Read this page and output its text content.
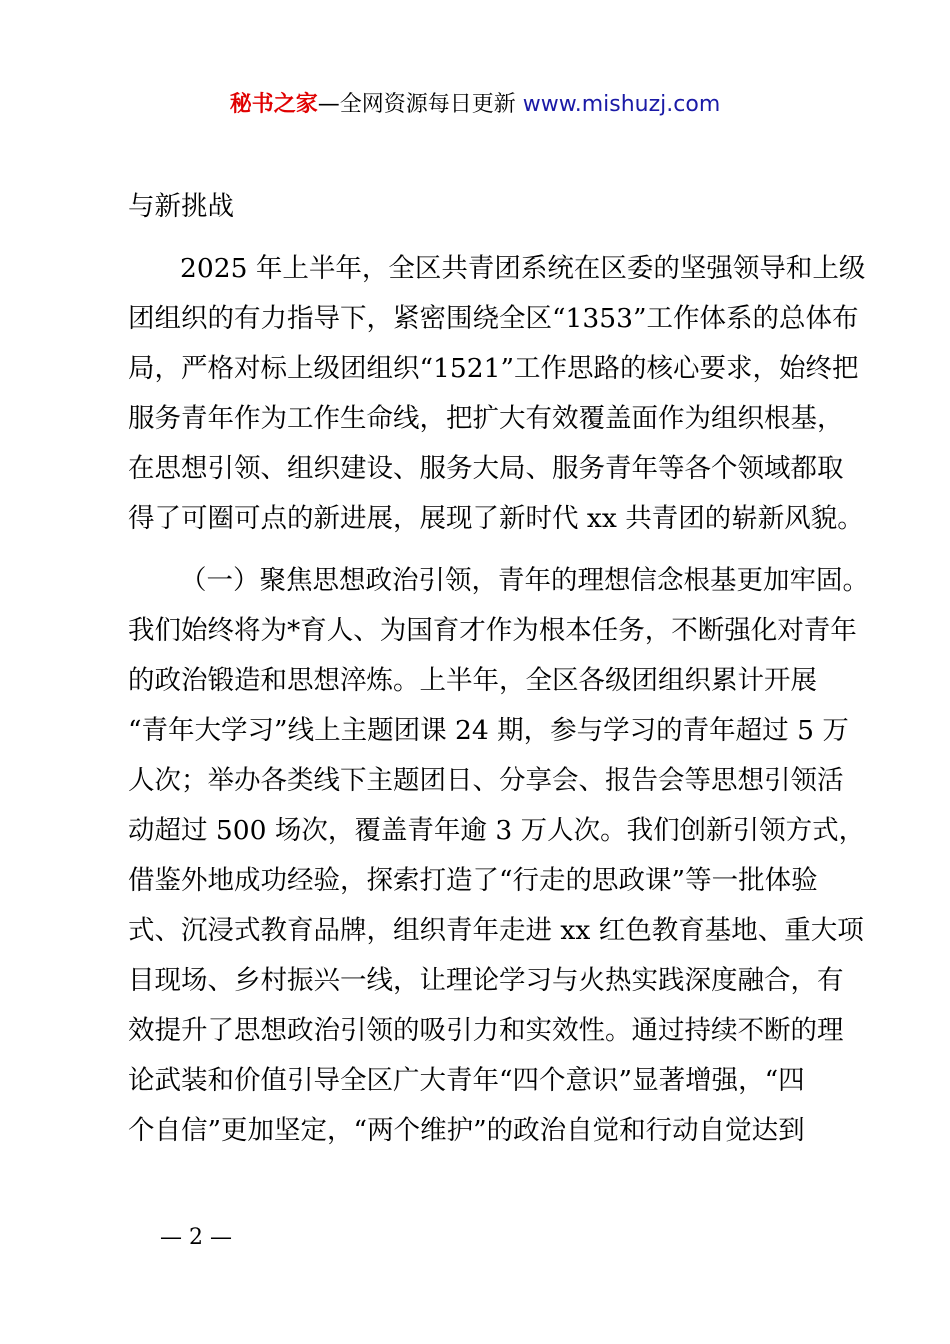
秘书之家—全网资源每日更新 www.mishuzj.com
与新挑战
2025 年上半年，全区共青团系统在区委的坚强领导和上级
团组织的有力指导下，紧密围绕全区“1353”工作体系的总体布
局，严格对标上级团组织“1521”工作思路的核心要求，始终把
服务青年作为工作生命线，把扩大有效覆盖面作为组织根基，
在思想引领、组织建设、服务大局、服务青年等各个领域都取
得了可圈可点的新进展，展现了新时代 xx 共青团的崭新风貌。
（一）聚焦思想政治引领，青年的理想信念根基更加牢固。
我们始终将为*育人、为国育才作为根本任务，不断强化对青年
的政治锻造和思想淬炼。上半年，全区各级团组织累计开展
“青年大学习”线上主题团课 24 期，参与学习的青年超过 5 万
人次；举办各类线下主题团日、分享会、报告会等思想引领活
动超过 500 场次，覆盖青年逾 3 万人次。我们创新引领方式，
借鉴外地成功经验，探索打造了“行走的思政课”等一批体验
式、沉浸式教育品牌，组织青年走进 xx 红色教育基地、重大项
目现场、乡村振兴一线，让理论学习与火热实践深度融合，有
效提升了思想政治引领的吸引力和实效性。通过持续不断的理
论武装和价值引导全区广大青年“四个意识”显著增强，“四
个自信”更加坚定，“两个维护”的政治自觉和行动自觉达到
— 2 —
